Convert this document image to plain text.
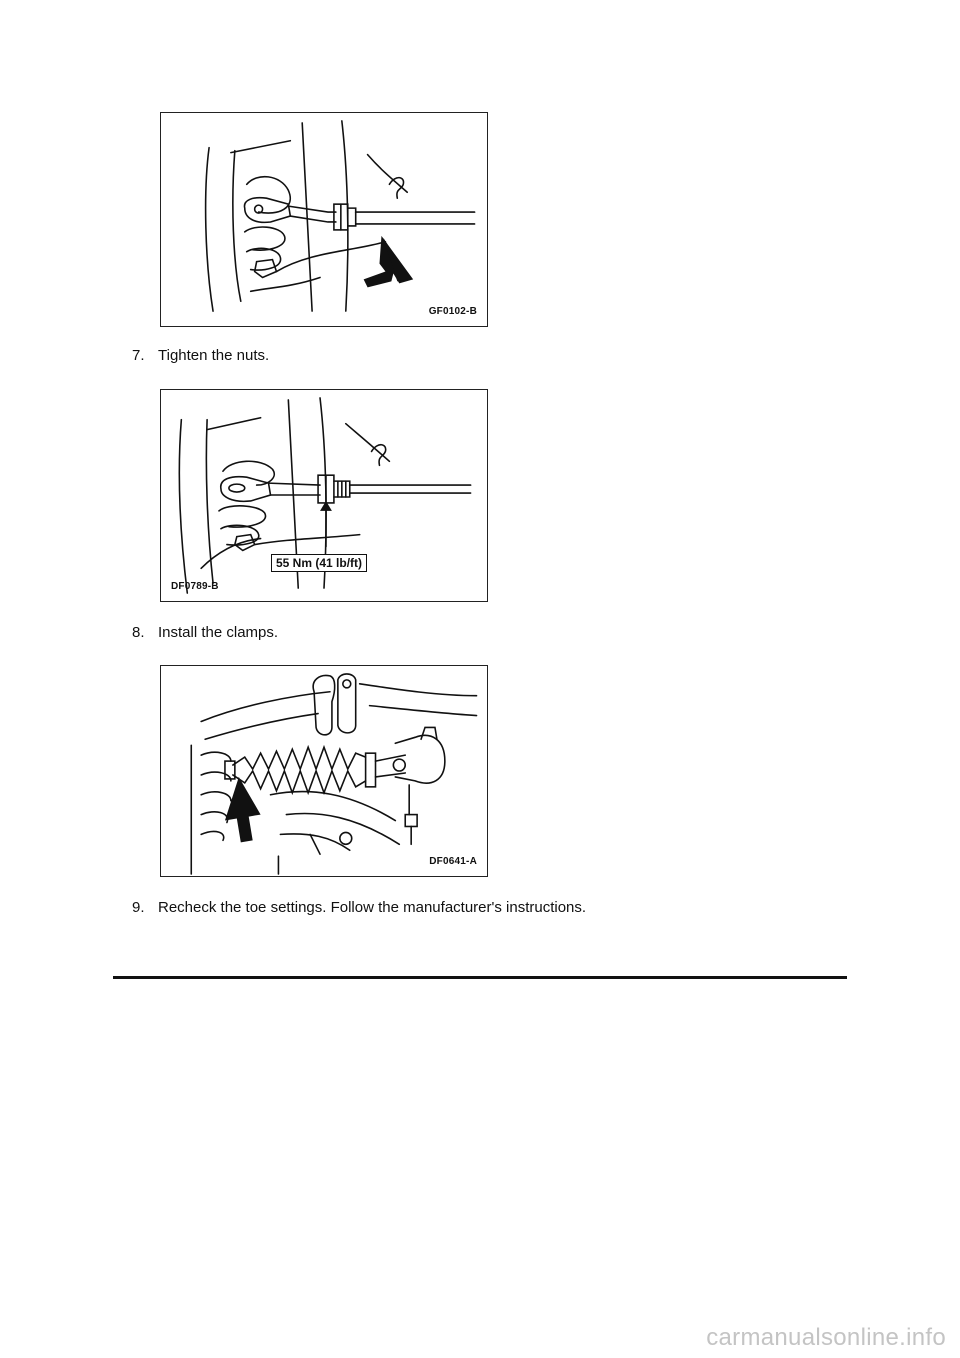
GF0102-B
7. Tighten the nuts.
55 Nm (41 lb/ft)
DF0789-B
8. Install the clamps.
DF0641-A
9. Recheck the toe settings. Follow the manufacturer's instructions.
carmanualsonline.info
